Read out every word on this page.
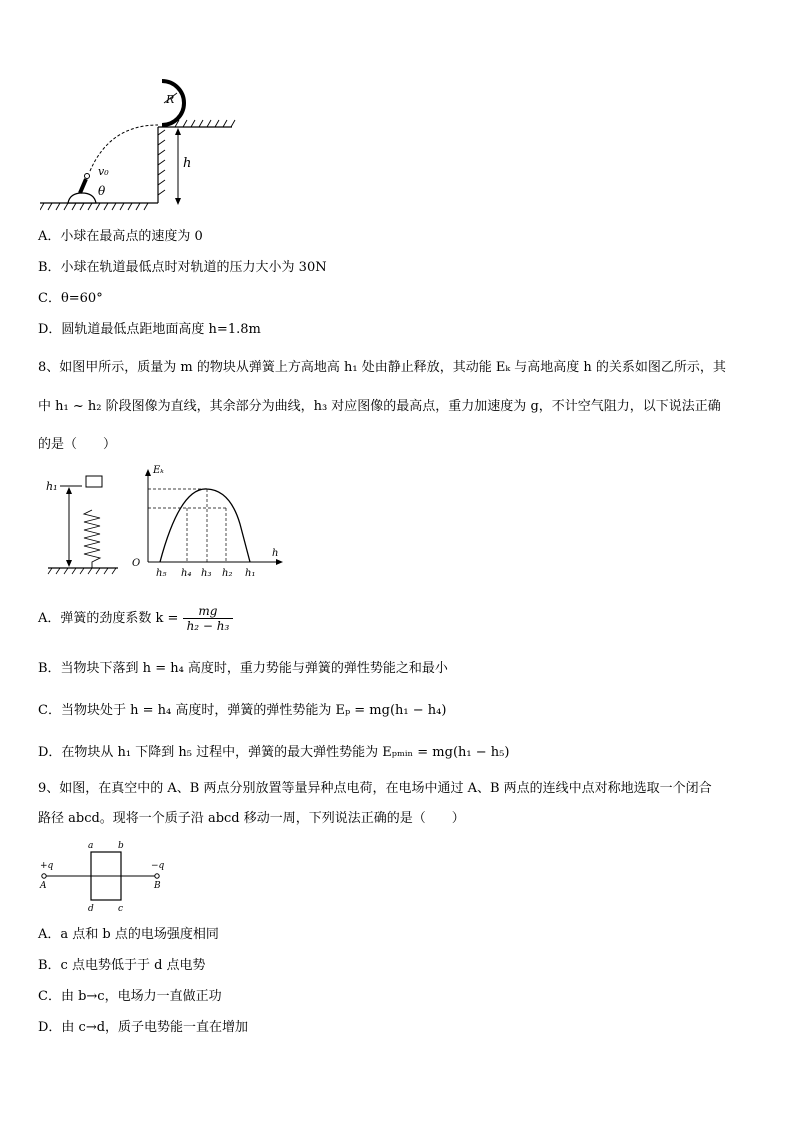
R
h
v₀
θ
A．小球在最高点的速度为 0
B．小球在轨道最低点时对轨道的压力大小为 30N
C．θ=60°
D．圆轨道最低点距地面高度 h=1.8m
8、如图甲所示，质量为 m 的物块从弹簧上方高地高 h₁ 处由静止释放，其动能 Eₖ 与高地高度 h 的关系如图乙所示，其
中 h₁ ~ h₂ 阶段图像为直线，其余部分为曲线，h₃ 对应图像的最高点，重力加速度为 g，不计空气阻力，以下说法正确
的是（　　）
h₁
Eₖ
h
O
h₅ h₄ h₃ h₂ h₁
A．弹簧的劲度系数 $k = \frac{mg}{\text{h₂ − h₃}}$
B．当物块下落到 h = h₄ 高度时，重力势能与弹簧的弹性势能之和最小
C．当物块处于 h = h₄ 高度时，弹簧的弹性势能为 Eₚ = mg(h₁ − h₄)
D．在物块从 h₁ 下降到 h₅ 过程中，弹簧的最大弹性势能为 Eₚₘᵢₙ = mg(h₁ − h₅)
9、如图，在真空中的 A、B 两点分别放置等量异种点电荷，在电场中通过 A、B 两点的连线中点对称地选取一个闭合
路径 abcd。现将一个质子沿 abcd 移动一周，下列说法正确的是（　　）
+q	−q
A	B
a	b
c
d
A．a 点和 b 点的电场强度相同
B．c 点电势低于于 d 点电势
C．由 b→c，电场力一直做正功
D．由 c→d，质子电势能一直在增加
